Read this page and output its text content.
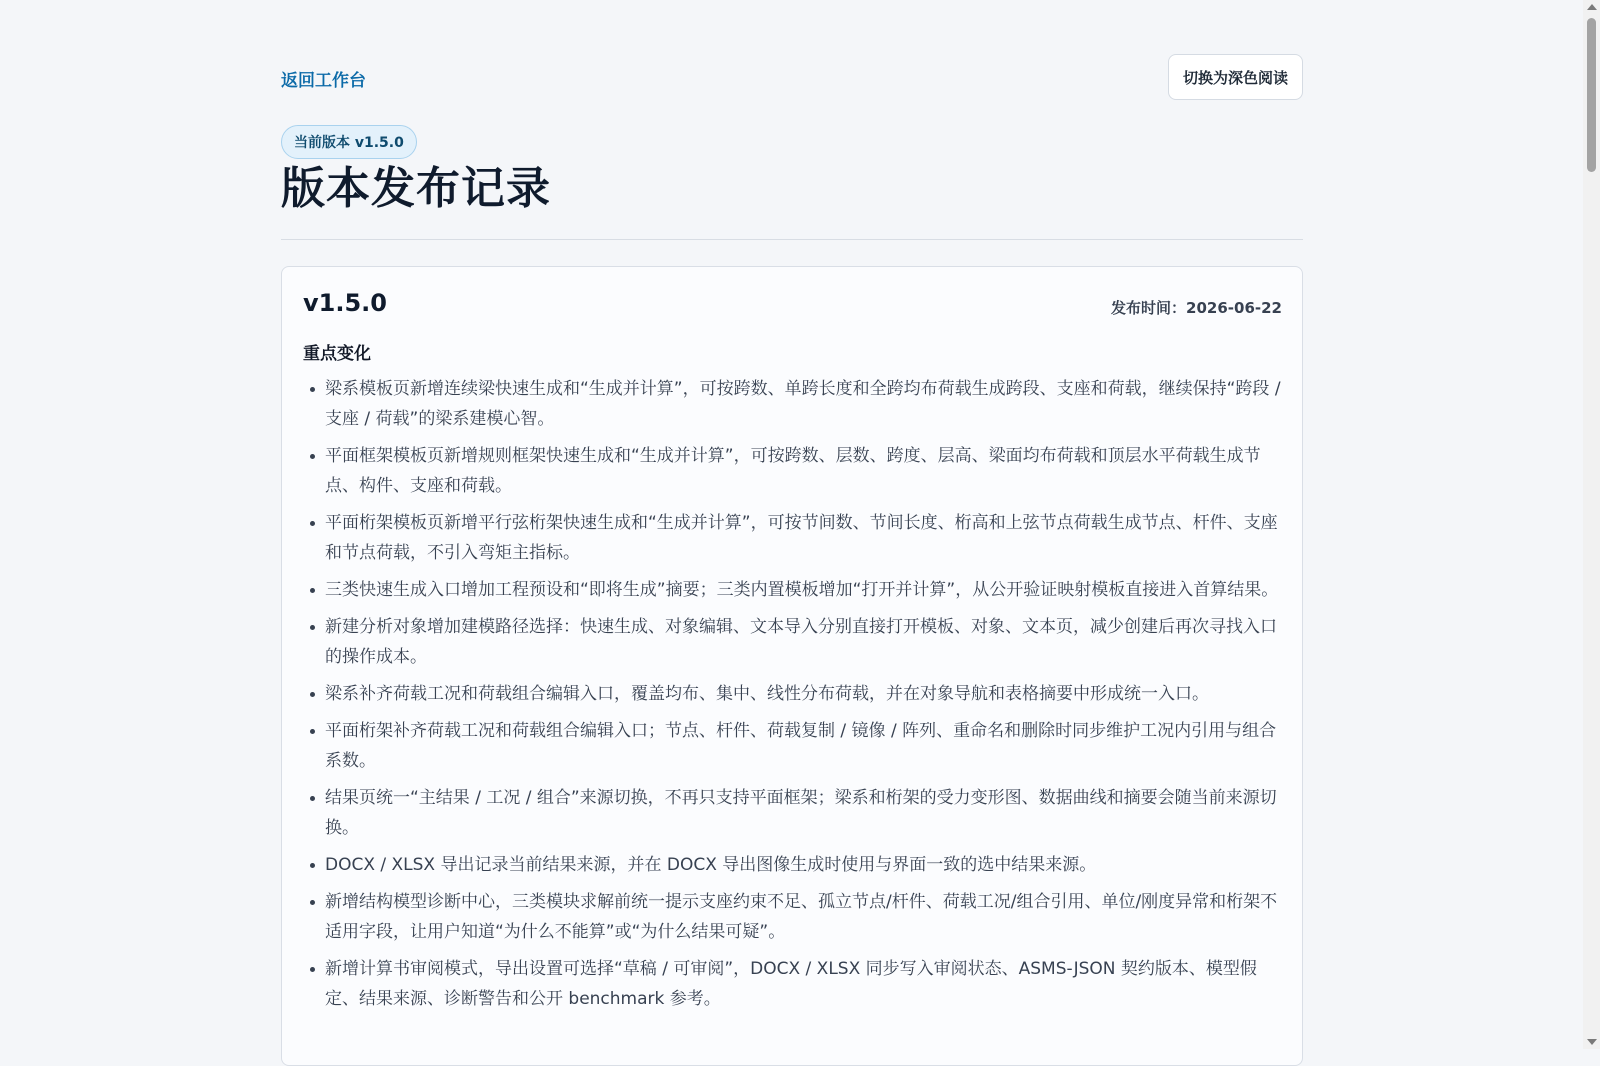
返回工作台	切换为深色阅读
当前版本 v1.5.0
版本发布记录
v1.5.0	发布时间：2026-06-22
重点变化
梁系模板页新增连续梁快速生成和“生成并计算”，可按跨数、单跨长度和全跨均布荷载生成跨段、支座和荷载，继续保持“跨段 / 支座 / 荷载”的梁系建模心智。
平面框架模板页新增规则框架快速生成和“生成并计算”，可按跨数、层数、跨度、层高、梁面均布荷载和顶层水平荷载生成节点、构件、支座和荷载。
平面桁架模板页新增平行弦桁架快速生成和“生成并计算”，可按节间数、节间长度、桁高和上弦节点荷载生成节点、杆件、支座和节点荷载，不引入弯矩主指标。
三类快速生成入口增加工程预设和“即将生成”摘要；三类内置模板增加“打开并计算”，从公开验证映射模板直接进入首算结果。
新建分析对象增加建模路径选择：快速生成、对象编辑、文本导入分别直接打开模板、对象、文本页，减少创建后再次寻找入口的操作成本。
梁系补齐荷载工况和荷载组合编辑入口，覆盖均布、集中、线性分布荷载，并在对象导航和表格摘要中形成统一入口。
平面桁架补齐荷载工况和荷载组合编辑入口；节点、杆件、荷载复制 / 镜像 / 阵列、重命名和删除时同步维护工况内引用与组合系数。
结果页统一“主结果 / 工况 / 组合”来源切换，不再只支持平面框架；梁系和桁架的受力变形图、数据曲线和摘要会随当前来源切换。
DOCX / XLSX 导出记录当前结果来源，并在 DOCX 导出图像生成时使用与界面一致的选中结果来源。
新增结构模型诊断中心，三类模块求解前统一提示支座约束不足、孤立节点/杆件、荷载工况/组合引用、单位/刚度异常和桁架不适用字段，让用户知道“为什么不能算”或“为什么结果可疑”。
新增计算书审阅模式，导出设置可选择“草稿 / 可审阅”，DOCX / XLSX 同步写入审阅状态、ASMS-JSON 契约版本、模型假定、结果来源、诊断警告和公开 benchmark 参考。
